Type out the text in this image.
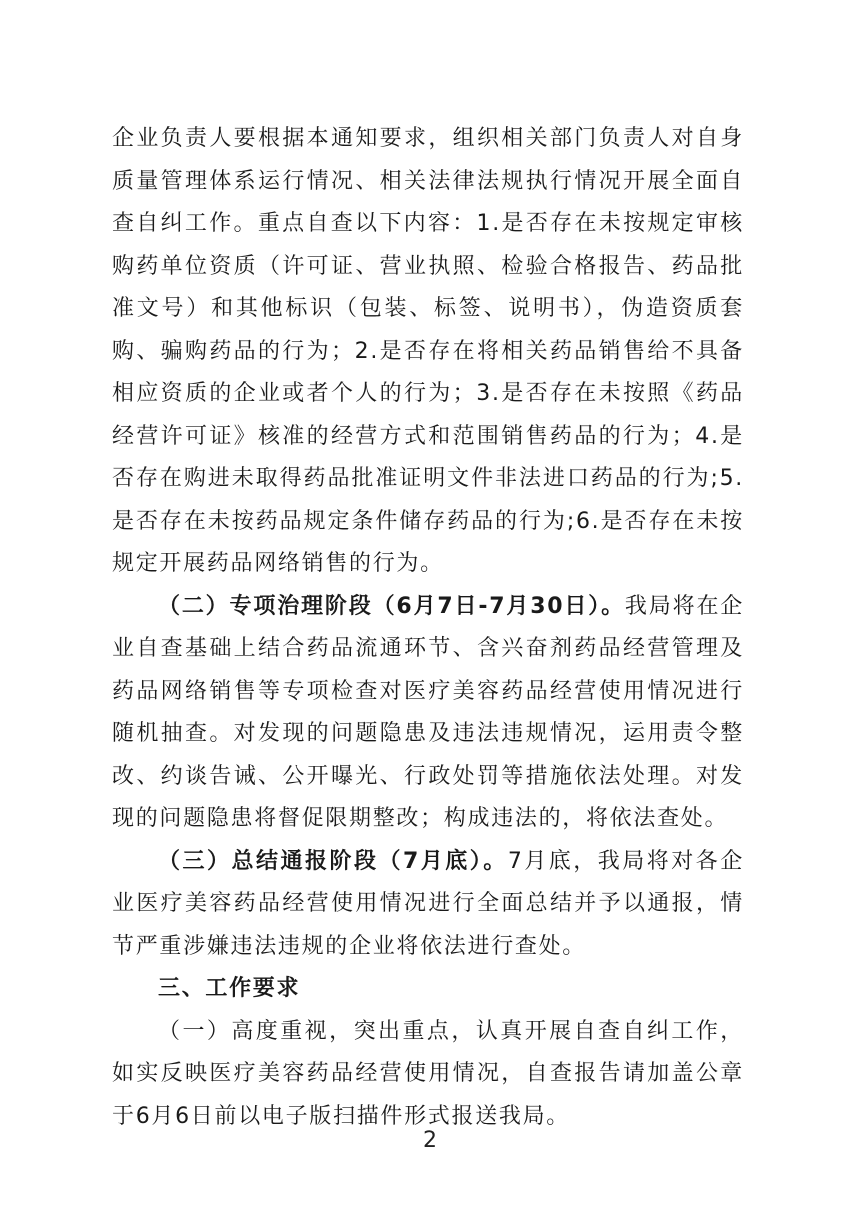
企业负责人要根据本通知要求，组织相关部门负责人对自身质量管理体系运行情况、相关法律法规执行情况开展全面自查自纠工作。重点自查以下内容：1.是否存在未按规定审核购药单位资质（许可证、营业执照、检验合格报告、药品批准文号）和其他标识（包装、标签、说明书），伪造资质套购、骗购药品的行为；2.是否存在将相关药品销售给不具备相应资质的企业或者个人的行为；3.是否存在未按照《药品经营许可证》核准的经营方式和范围销售药品的行为；4.是否存在购进未取得药品批准证明文件非法进口药品的行为;5.是否存在未按药品规定条件储存药品的行为;6.是否存在未按规定开展药品网络销售的行为。

（二）专项治理阶段（6月7日-7月30日）。我局将在企业自查基础上结合药品流通环节、含兴奋剂药品经营管理及药品网络销售等专项检查对医疗美容药品经营使用情况进行随机抽查。对发现的问题隐患及违法违规情况，运用责令整改、约谈告诫、公开曝光、行政处罚等措施依法处理。对发现的问题隐患将督促限期整改；构成违法的，将依法查处。

（三）总结通报阶段（7月底）。7月底，我局将对各企业医疗美容药品经营使用情况进行全面总结并予以通报，情节严重涉嫌违法违规的企业将依法进行查处。

三、工作要求

（一）高度重视，突出重点，认真开展自查自纠工作，如实反映医疗美容药品经营使用情况，自查报告请加盖公章于6月6日前以电子版扫描件形式报送我局。

2
